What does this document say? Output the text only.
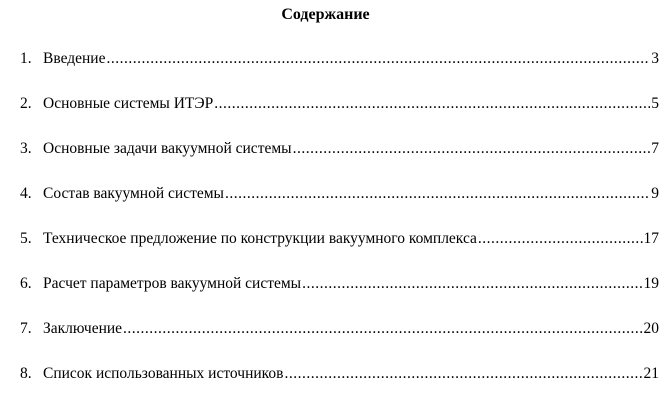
Содержание
1. Введение .....	3
2. Основные системы ИТЭР .....	5
3. Основные задачи вакуумной системы .....	7
4. Состав вакуумной системы .....	9
5. Техническое предложение по конструкции вакуумного комплекса .....	17
6. Расчет параметров вакуумной системы .....	19
7. Заключение .....	20
8. Список использованных источников .....	21
